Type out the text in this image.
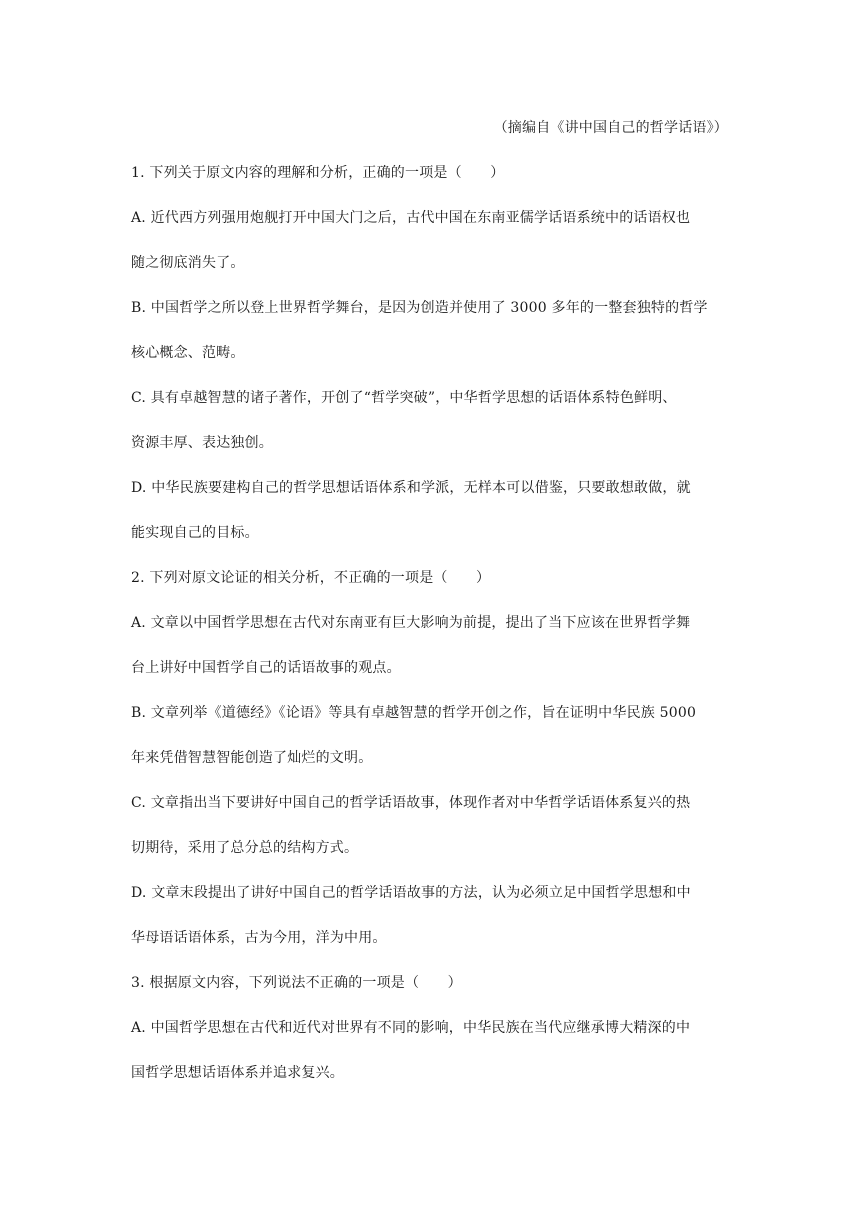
（摘编自《讲中国自己的哲学话语》）
1. 下列关于原文内容的理解和分析，正确的一项是（　　）
A. 近代西方列强用炮舰打开中国大门之后，古代中国在东南亚儒学话语系统中的话语权也
随之彻底消失了。
B. 中国哲学之所以登上世界哲学舞台，是因为创造并使用了 3000 多年的一整套独特的哲学
核心概念、范畴。
C. 具有卓越智慧的诸子著作，开创了“哲学突破”，中华哲学思想的话语体系特色鲜明、
资源丰厚、表达独创。
D. 中华民族要建构自己的哲学思想话语体系和学派，无样本可以借鉴，只要敢想敢做，就
能实现自己的目标。
2. 下列对原文论证的相关分析，不正确的一项是（　　）
A. 文章以中国哲学思想在古代对东南亚有巨大影响为前提，提出了当下应该在世界哲学舞
台上讲好中国哲学自己的话语故事的观点。
B. 文章列举《道德经》《论语》等具有卓越智慧的哲学开创之作，旨在证明中华民族 5000
年来凭借智慧智能创造了灿烂的文明。
C. 文章指出当下要讲好中国自己的哲学话语故事，体现作者对中华哲学话语体系复兴的热
切期待，采用了总分总的结构方式。
D. 文章末段提出了讲好中国自己的哲学话语故事的方法，认为必须立足中国哲学思想和中
华母语话语体系，古为今用，洋为中用。
3. 根据原文内容，下列说法不正确的一项是（　　）
A. 中国哲学思想在古代和近代对世界有不同的影响，中华民族在当代应继承博大精深的中
国哲学思想话语体系并追求复兴。
